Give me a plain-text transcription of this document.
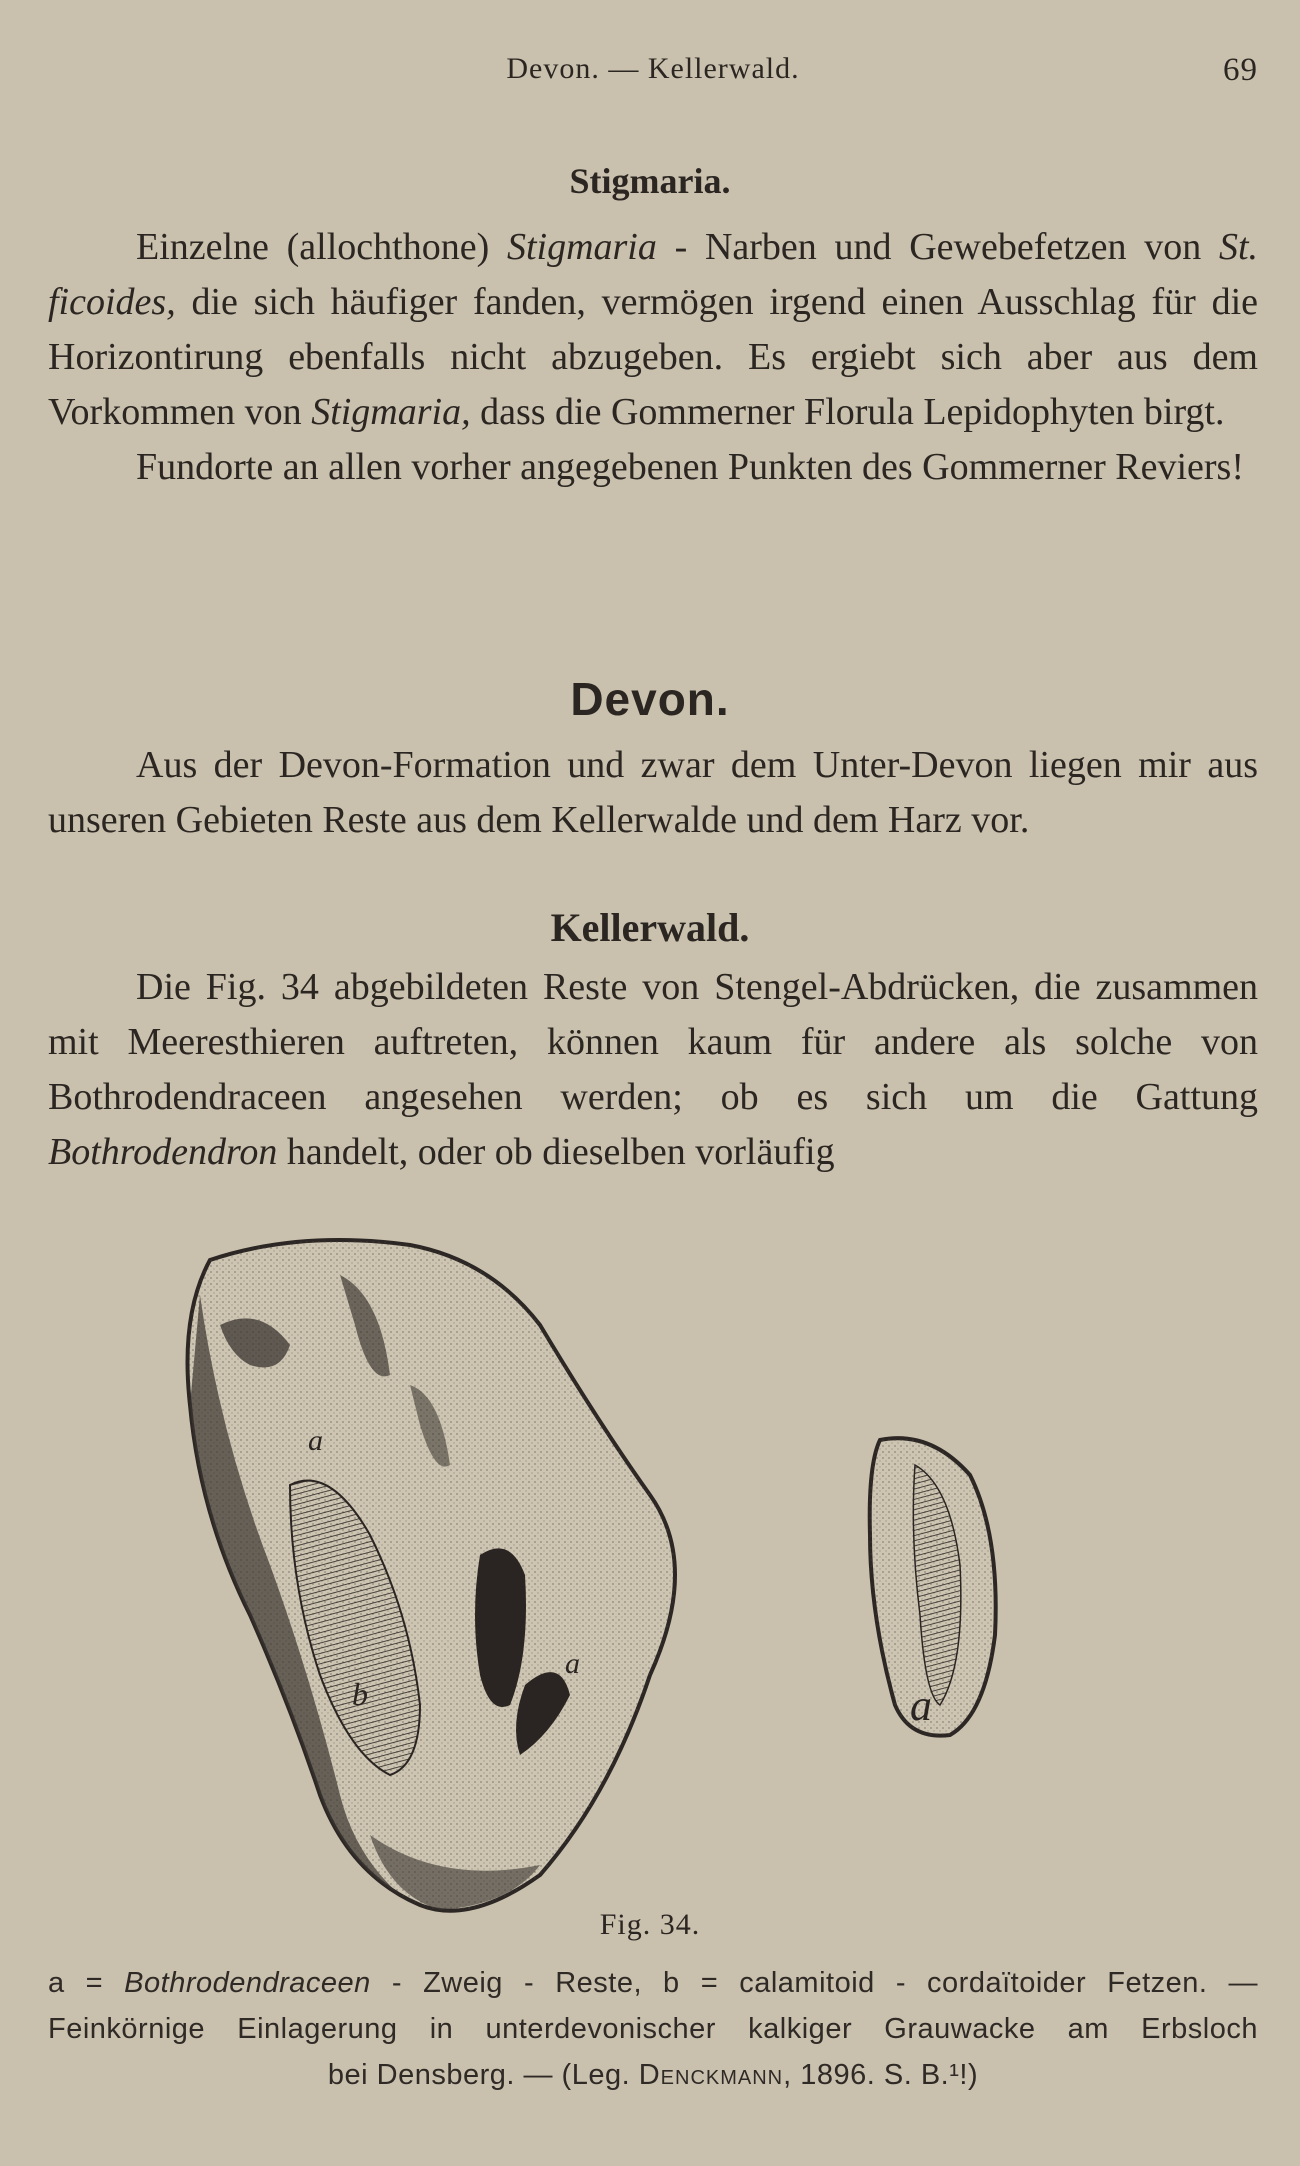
Devon. — Kellerwald.	69
Stigmaria.

Einzelne (allochthone) Stigmaria - Narben und Gewebefetzen von St. ficoides, die sich häufiger fanden, vermögen irgend einen Ausschlag für die Horizontirung ebenfalls nicht abzugeben. Es ergiebt sich aber aus dem Vorkommen von Stigmaria, dass die Gommerner Florula Lepidophyten birgt.

Fundorte an allen vorher angegebenen Punkten des Gommerner Reviers!

Devon.

Aus der Devon-Formation und zwar dem Unter-Devon liegen mir aus unseren Gebieten Reste aus dem Kellerwalde und dem Harz vor.

Kellerwald.

Die Fig. 34 abgebildeten Reste von Stengel-Abdrücken, die zusammen mit Meeresthieren auftreten, können kaum für andere als solche von Bothrodendraceen angesehen werden; ob es sich um die Gattung Bothrodendron handelt, oder ob dieselben vorläufig

a
b
a
a
Fig. 34.
a = Bothrodendraceen - Zweig - Reste, b = calamitoid - cordaïtoider Fetzen. —
Feinkörnige Einlagerung in unterdevonischer kalkiger Grauwacke am Erbsloch
bei Densberg. — (Leg. Denckmann, 1896. S. B.¹!)
